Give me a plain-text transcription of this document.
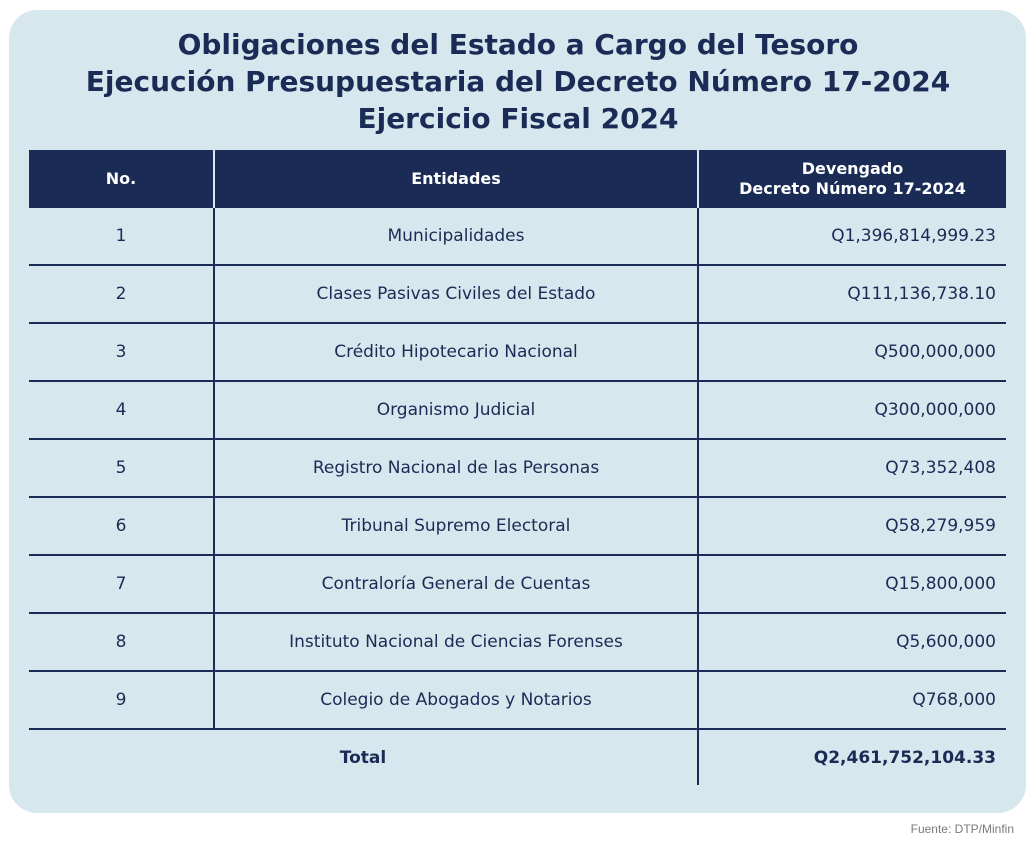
Obligaciones del Estado a Cargo del Tesoro
Ejecución Presupuestaria del Decreto Número 17-2024
Ejercicio Fiscal 2024
No.	Entidades	Devengado
Decreto Número 17-2024

1	Municipalidades	Q1,396,814,999.23
2	Clases Pasivas Civiles del Estado	Q111,136,738.10
3	Crédito Hipotecario Nacional	Q500,000,000
4	Organismo Judicial	Q300,000,000
5	Registro Nacional de las Personas	Q73,352,408
6	Tribunal Supremo Electoral	Q58,279,959
7	Contraloría General de Cuentas	Q15,800,000
8	Instituto Nacional de Ciencias Forenses	Q5,600,000
9	Colegio de Abogados y Notarios	Q768,000
Total		Q2,461,752,104.33
Fuente: DTP/Minfin
